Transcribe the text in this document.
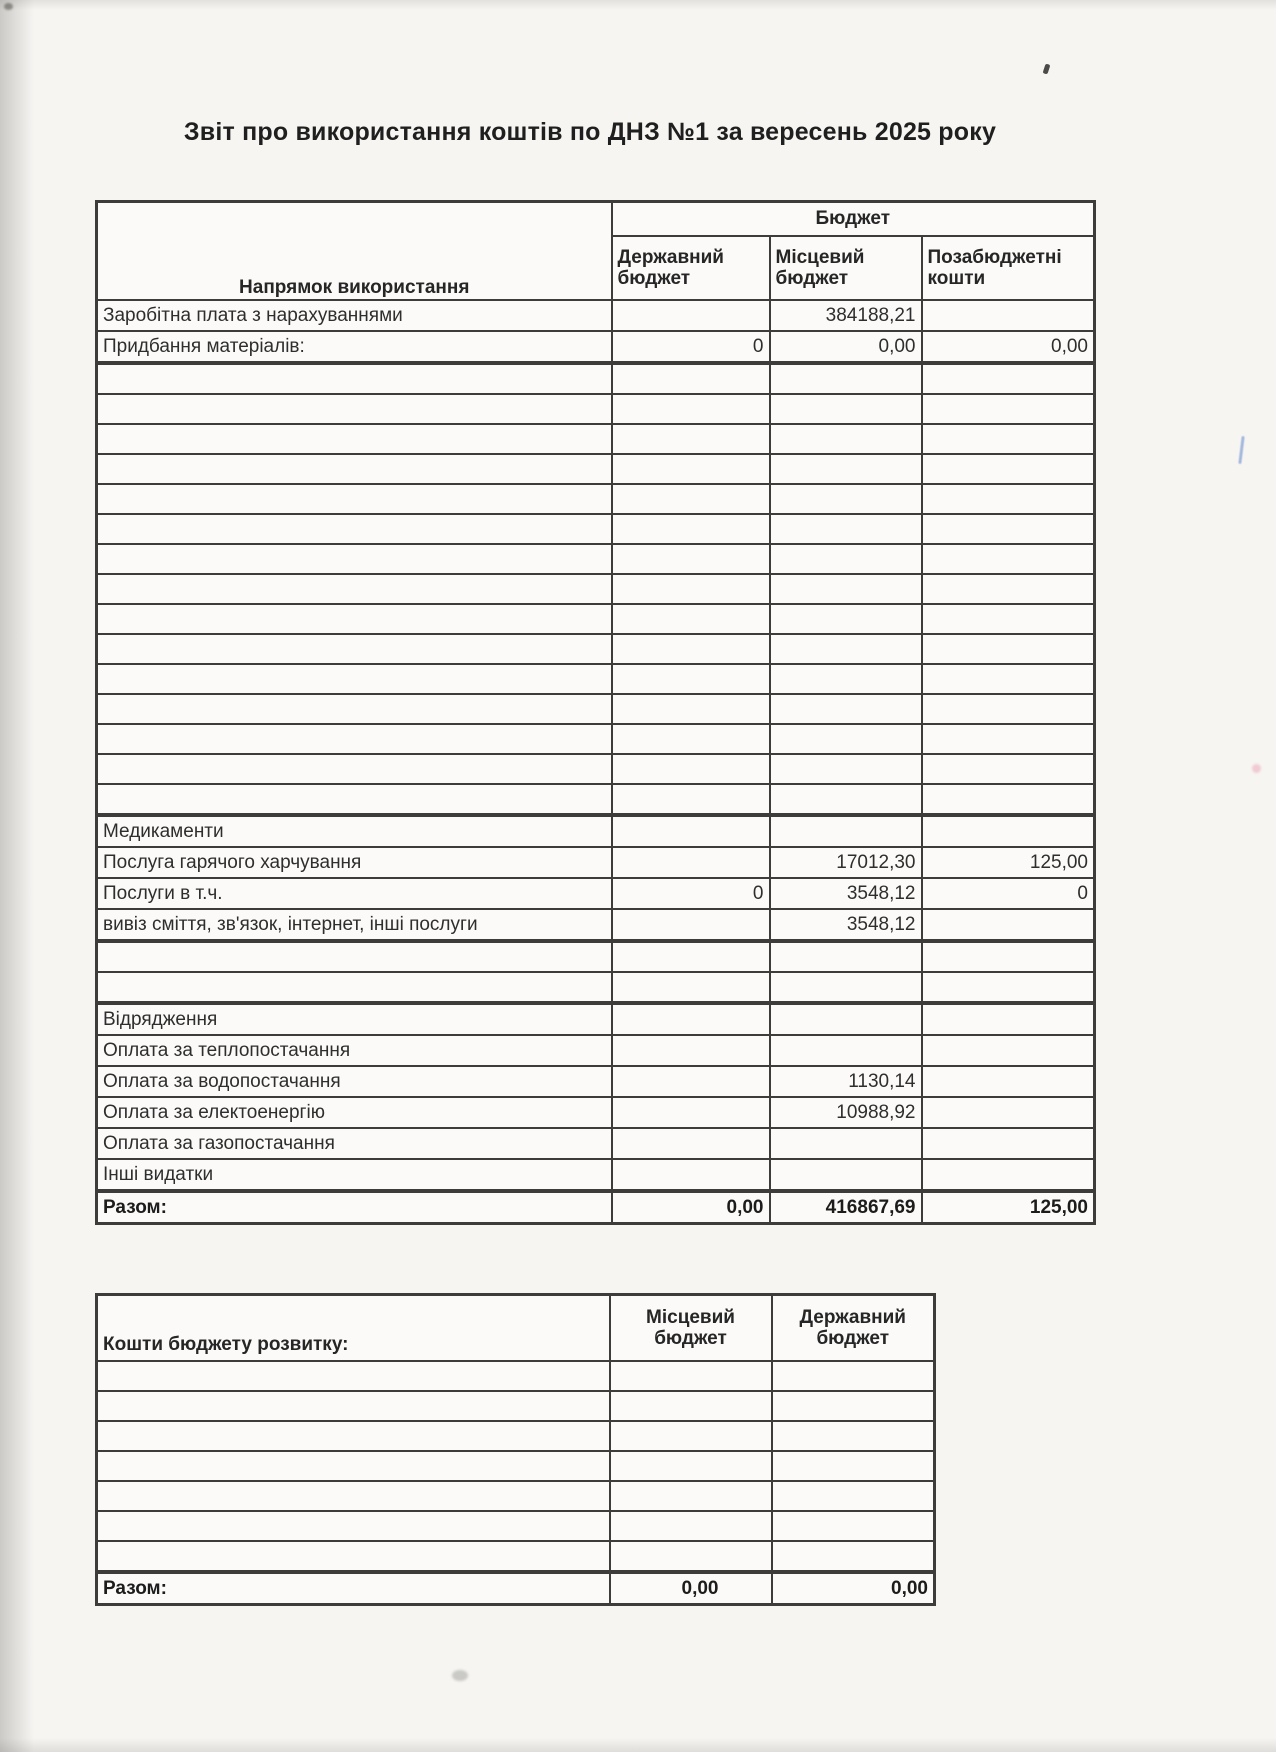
Звіт про використання коштів по ДНЗ №1 за вересень 2025 року
Напрямок використання	Бюджет		
	Державний бюджет	Місцевий бюджет	Позабюджетні кошти
Заробітна плата з нарахуваннями		384188,21	
Придбання матеріалів:	0	0,00	0,00

Медикаменти			
Послуга гарячого харчування		17012,30	125,00
Послуги в т.ч.	0	3548,12	0
вивіз сміття, зв'язок, інтернет, інші послуги		3548,12	

Відрядження			
Оплата за теплопостачання			
Оплата за водопостачання		1130,14	
Оплата за електоенергію		10988,92	
Оплата за газопостачання			
Інші видатки			
Разом:	0,00	416867,69	125,00
Кошти бюджету розвитку:	Місцевий бюджет	Державний бюджет

Разом:	0,00	0,00
